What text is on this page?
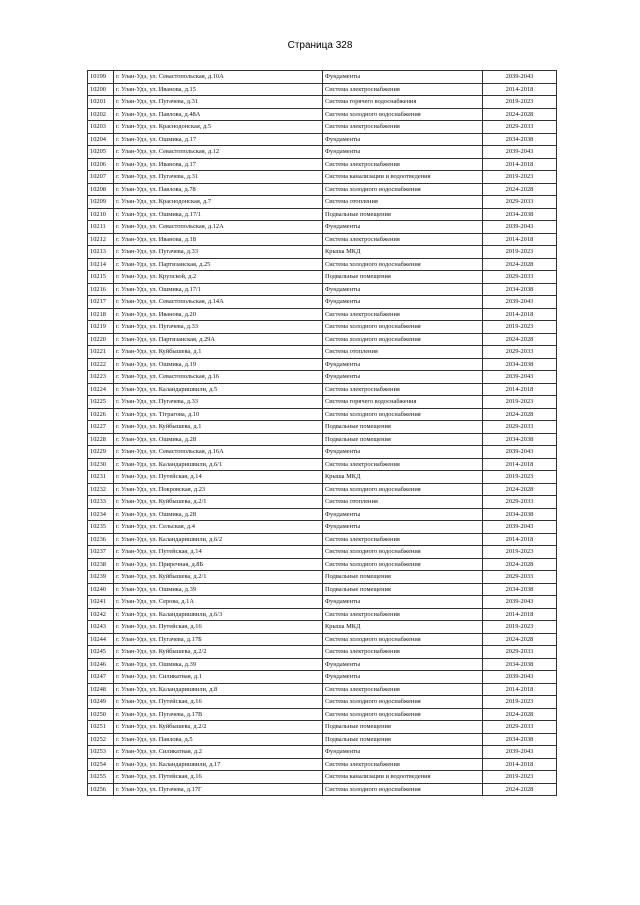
Страница 328
10199	г. Улан-Удэ, ул. Севастопольская, д.10А	Фундаменты	2039-2043
10200	г. Улан-Удэ, ул. Иванова, д.15	Система электроснабжения	2014-2018
10201	г. Улан-Удэ, ул. Пугачева, д.31	Система горячего водоснабжения	2019-2023
10202	г. Улан-Удэ, ул. Павлова, д.48А	Система холодного водоснабжения	2024-2028
10203	г. Улан-Удэ, ул. Краснодонская, д.5	Система электроснабжения	2029-2033
10204	г. Улан-Удэ, ул. Ошмика, д.17	Фундаменты	2034-2038
10205	г. Улан-Удэ, ул. Севастопольская, д.12	Фундаменты	2039-2043
10206	г. Улан-Удэ, ул. Иванова, д.17	Система электроснабжения	2014-2018
10207	г. Улан-Удэ, ул. Пугачева, д.31	Система канализации и водоотведения	2019-2023
10208	г. Улан-Удэ, ул. Павлова, д.78	Система холодного водоснабжения	2024-2028
10209	г. Улан-Удэ, ул. Краснодонская, д.7	Система отопления	2029-2033
10210	г. Улан-Удэ, ул. Ошмика, д.17/1	Подвальные помещения	2034-2038
10211	г. Улан-Удэ, ул. Севастопольская, д.12А	Фундаменты	2039-2043
10212	г. Улан-Удэ, ул. Иванова, д.18	Система электроснабжения	2014-2018
10213	г. Улан-Удэ, ул. Пугачева, д.33	Крыша МКД	2019-2023
10214	г. Улан-Удэ, ул. Партизанская, д.25	Система холодного водоснабжения	2024-2028
10215	г. Улан-Удэ, ул. Крупской, д.2	Подвальные помещения	2029-2033
10216	г. Улан-Удэ, ул. Ошмика, д.17/1	Фундаменты	2034-2038
10217	г. Улан-Удэ, ул. Севастопольская, д.14А	Фундаменты	2039-2043
10218	г. Улан-Удэ, ул. Иванова, д.20	Система электроснабжения	2014-2018
10219	г. Улан-Удэ, ул. Пугачева, д.33	Система холодного водоснабжения	2019-2023
10220	г. Улан-Удэ, ул. Партизанская, д.29А	Система холодного водоснабжения	2024-2028
10221	г. Улан-Удэ, ул. Куйбышева, д.1	Система отопления	2029-2033
10222	г. Улан-Удэ, ул. Ошмика, д.19	Фундаменты	2034-2038
10223	г. Улан-Удэ, ул. Севастопольская, д.16	Фундаменты	2039-2043
10224	г. Улан-Удэ, ул. Каландаришвили, д.5	Система электроснабжения	2014-2018
10225	г. Улан-Удэ, ул. Пугачева, д.33	Система горячего водоснабжения	2019-2023
10226	г. Улан-Удэ, ул. Тітрагова, д.10	Система холодного водоснабжения	2024-2028
10227	г. Улан-Удэ, ул. Куйбышева, д.1	Подвальные помещения	2029-2033
10228	г. Улан-Удэ, ул. Ошмика, д.28	Подвальные помещения	2034-2038
10229	г. Улан-Удэ, ул. Севастопольская, д.16А	Фундаменты	2039-2043
10230	г. Улан-Удэ, ул. Каландаришвили, д.6/1	Система электроснабжения	2014-2018
10231	г. Улан-Удэ, ул. Путейская, д.14	Крыша МКД	2019-2023
10232	г. Улан-Удэ, ул. Покровская, д.23	Система холодного водоснабжения	2024-2028
10233	г. Улан-Удэ, ул. Куйбышева, д.2/1	Система отопления	2029-2033
10234	г. Улан-Удэ, ул. Ошмика, д.28	Фундаменты	2034-2038
10235	г. Улан-Удэ, ул. Сельская, д.4	Фундаменты	2039-2043
10236	г. Улан-Удэ, ул. Каландаришвили, д.6/2	Система электроснабжения	2014-2018
10237	г. Улан-Удэ, ул. Путейская, д.14	Система холодного водоснабжения	2019-2023
10238	г. Улан-Удэ, ул. Приречная, д.8Б	Система холодного водоснабжения	2024-2028
10239	г. Улан-Удэ, ул. Куйбышева, д.2/1	Подвальные помещения	2029-2033
10240	г. Улан-Удэ, ул. Ошмика, д.39	Подвальные помещения	2034-2038
10241	г. Улан-Удэ, ул. Серова, д.1А	Фундаменты	2039-2043
10242	г. Улан-Удэ, ул. Каландаришвили, д.6/3	Система электроснабжения	2014-2018
10243	г. Улан-Удэ, ул. Путейская, д.16	Крыша МКД	2019-2023
10244	г. Улан-Удэ, ул. Пугачева, д.17Б	Система холодного водоснабжения	2024-2028
10245	г. Улан-Удэ, ул. Куйбышева, д.2/2	Система электроснабжения	2029-2033
10246	г. Улан-Удэ, ул. Ошмика, д.39	Фундаменты	2034-2038
10247	г. Улан-Удэ, ул. Силикатная, д.1	Фундаменты	2039-2043
10248	г. Улан-Удэ, ул. Каландаришвили, д.8	Система электроснабжения	2014-2018
10249	г. Улан-Удэ, ул. Путейская, д.16	Система холодного водоснабжения	2019-2023
10250	г. Улан-Удэ, ул. Пугачева, д.17В	Система холодного водоснабжения	2024-2028
10251	г. Улан-Удэ, ул. Куйбышева, д.2/2	Подвальные помещения	2029-2033
10252	г. Улан-Удэ, ул. Павлова, д.5	Подвальные помещения	2034-2038
10253	г. Улан-Удэ, ул. Силикатная, д.2	Фундаменты	2039-2043
10254	г. Улан-Удэ, ул. Каландаришвили, д.17	Система электроснабжения	2014-2018
10255	г. Улан-Удэ, ул. Путейская, д.16	Система канализации и водоотведения	2019-2023
10256	г. Улан-Удэ, ул. Пугачева, д.17Г	Система холодного водоснабжения	2024-2028
